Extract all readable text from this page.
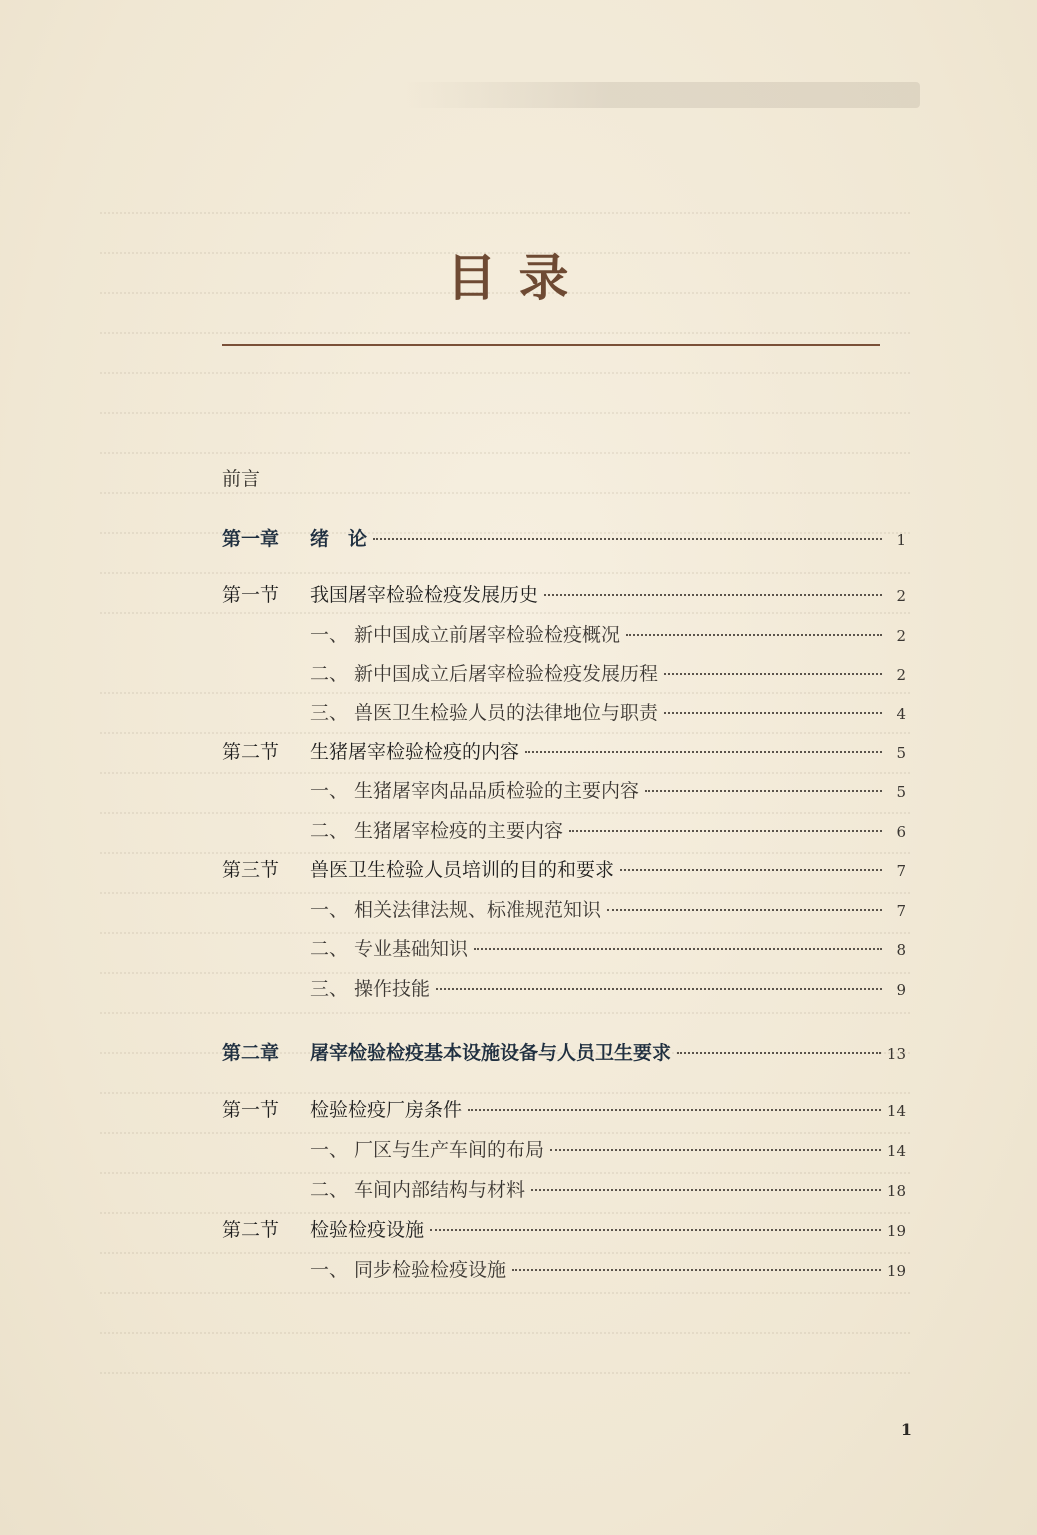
目录
前言
第一章 绪　论	1
第一节 我国屠宰检验检疫发展历史	2
一、 新中国成立前屠宰检验检疫概况	2
二、 新中国成立后屠宰检验检疫发展历程	2
三、 兽医卫生检验人员的法律地位与职责	4
第二节 生猪屠宰检验检疫的内容	5
一、 生猪屠宰肉品品质检验的主要内容	5
二、 生猪屠宰检疫的主要内容	6
第三节 兽医卫生检验人员培训的目的和要求	7
一、 相关法律法规、标准规范知识	7
二、 专业基础知识	8
三、 操作技能	9
第二章 屠宰检验检疫基本设施设备与人员卫生要求	13
第一节 检验检疫厂房条件	14
一、 厂区与生产车间的布局	14
二、 车间内部结构与材料	18
第二节 检验检疫设施	19
一、 同步检验检疫设施	19
1
